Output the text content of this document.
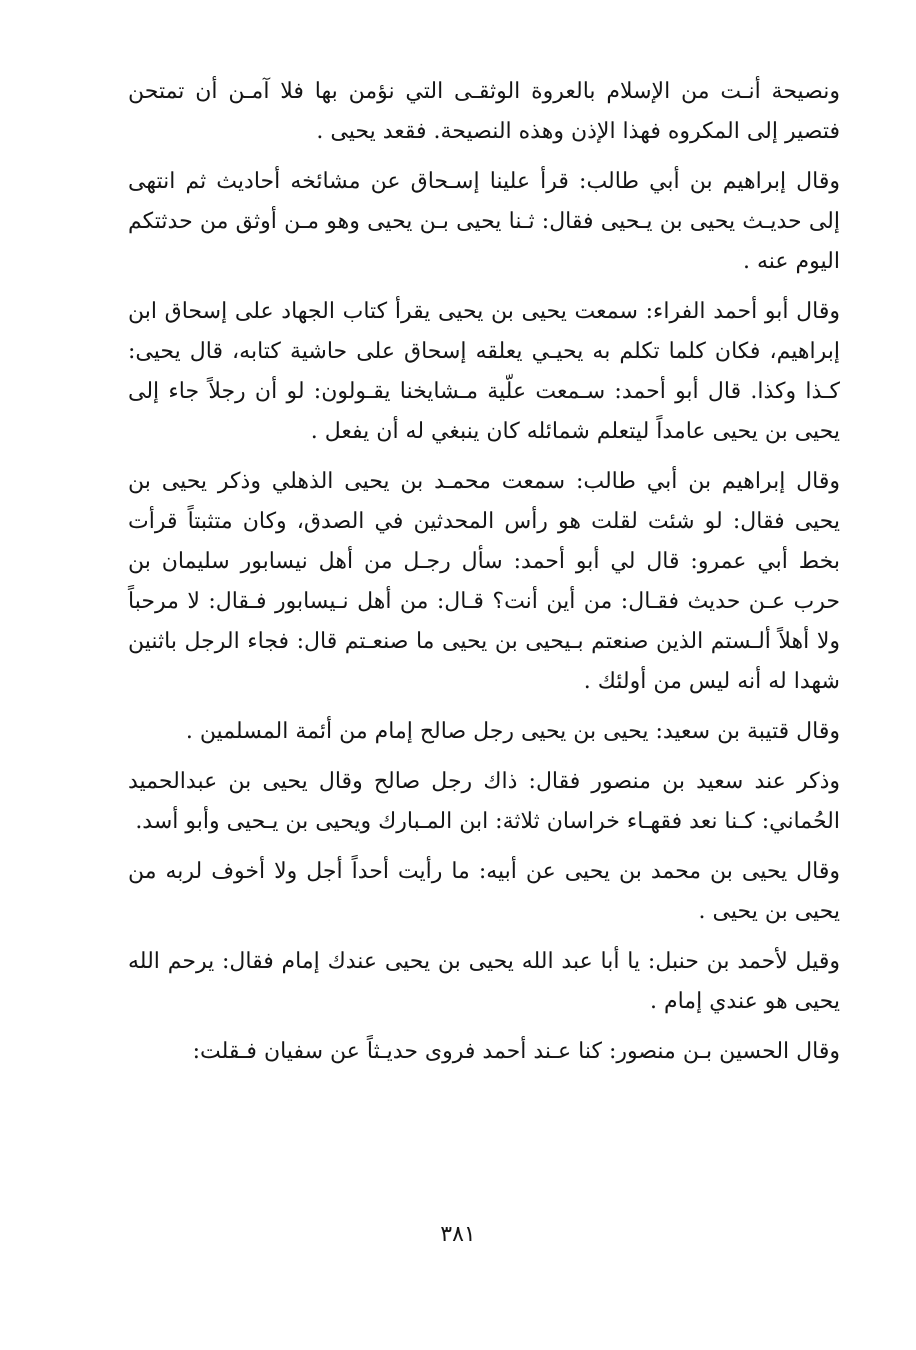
ونصيحة أنـت من الإسلام بالعروة الوثقـى التي نؤمن بها فلا آمـن أن تمتحن فتصير إلى المكروه فهذا الإذن وهذه النصيحة. فقعد يحيى .

وقال إبراهيم بن أبي طالب: قرأ علينا إسـحاق عن مشائخه أحاديث ثم انتهى إلى حديـث يحيى بن يـحيى فقال: ثـنا يحيى بـن يحيى وهو مـن أوثق من حدثتكم اليوم عنه .

وقال أبو أحمد الفراء: سمعت يحيى بن يحيى يقرأ كتاب الجهاد على إسحاق ابن إبراهيم، فكان كلما تكلم به يحيـي يعلقه إسحاق على حاشية كتابه، قال يحيى: كـذا وكذا. قال أبو أحمد: سـمعت علّية مـشايخنا يقـولون: لو أن رجلاً جاء إلى يحيى بن يحيى عامداً ليتعلم شمائله كان ينبغي له أن يفعل .

وقال إبراهيم بن أبي طالب: سمعت محمـد بن يحيى الذهلي وذكر يحيى بن يحيى فقال: لو شئت لقلت هو رأس المحدثين في الصدق، وكان متثبتاً قرأت بخط أبي عمرو: قال لي أبو أحمد: سأل رجـل من أهل نيسابور سليمان بن حرب عـن حديث فقـال: من أين أنت؟ قـال: من أهل نـيسابور فـقال: لا مرحباً ولا أهلاً ألـستم الذين صنعتم بـيحيى بن يحيى ما صنعـتم قال: فجاء الرجل باثنين شهدا له أنه ليس من أولئك .

وقال قتيبة بن سعيد: يحيى بن يحيى رجل صالح إمام من أئمة المسلمين .

وذكر عند سعيد بن منصور فقال: ذاك رجل صالح وقال يحيى بن عبدالحميد الحُماني: كـنا نعد فقهـاء خراسان ثلاثة: ابن المـبارك ويحيى بن يـحيى وأبو أسد.

وقال يحيى بن محمد بن يحيى عن أبيه: ما رأيت أحداً أجل ولا أخوف لربه من يحيى بن يحيى .

وقيل لأحمد بن حنبل: يا أبا عبد الله يحيى بن يحيى عندك إمام فقال: يرحم الله يحيى هو عندي إمام .

وقال الحسين بـن منصور: كنا عـند أحمد فروى حديـثاً عن سفيان فـقلت:

٣٨١
